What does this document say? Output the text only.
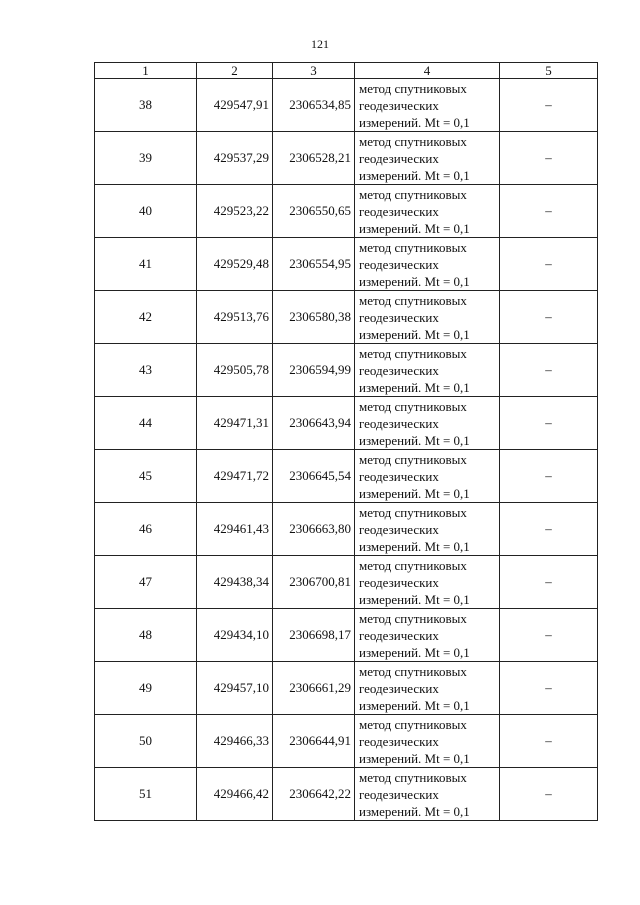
121
1	2	3	4	5
38	429547,91	2306534,85	метод спутниковых
геодезических
измерений. Mt = 0,1	–
39	429537,29	2306528,21	метод спутниковых
геодезических
измерений. Mt = 0,1	–
40	429523,22	2306550,65	метод спутниковых
геодезических
измерений. Mt = 0,1	–
41	429529,48	2306554,95	метод спутниковых
геодезических
измерений. Mt = 0,1	–
42	429513,76	2306580,38	метод спутниковых
геодезических
измерений. Mt = 0,1	–
43	429505,78	2306594,99	метод спутниковых
геодезических
измерений. Mt = 0,1	–
44	429471,31	2306643,94	метод спутниковых
геодезических
измерений. Mt = 0,1	–
45	429471,72	2306645,54	метод спутниковых
геодезических
измерений. Mt = 0,1	–
46	429461,43	2306663,80	метод спутниковых
геодезических
измерений. Mt = 0,1	–
47	429438,34	2306700,81	метод спутниковых
геодезических
измерений. Mt = 0,1	–
48	429434,10	2306698,17	метод спутниковых
геодезических
измерений. Mt = 0,1	–
49	429457,10	2306661,29	метод спутниковых
геодезических
измерений. Mt = 0,1	–
50	429466,33	2306644,91	метод спутниковых
геодезических
измерений. Mt = 0,1	–
51	429466,42	2306642,22	метод спутниковых
геодезических
измерений. Mt = 0,1	–
